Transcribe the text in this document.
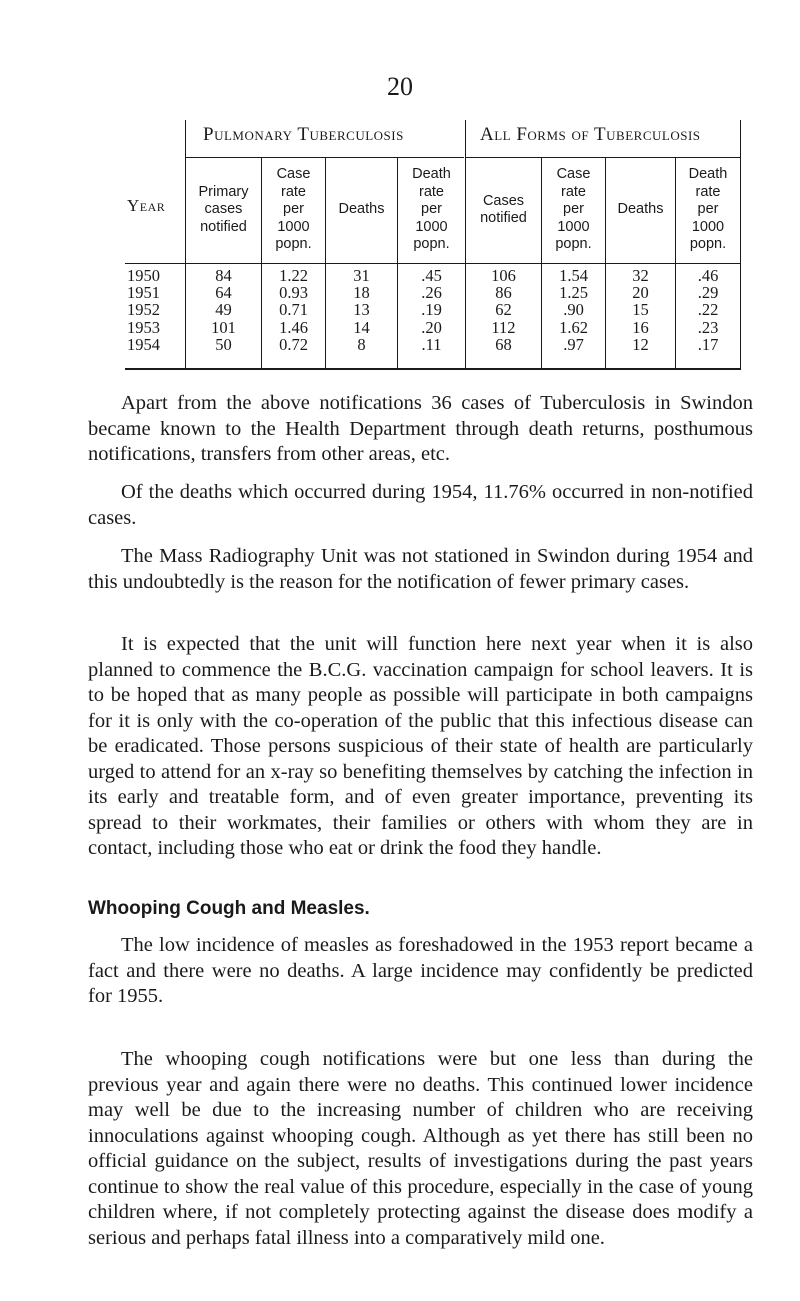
20
Pulmonary Tuberculosis	All Forms of Tuberculosis
Year
Primary
cases
notified
Case
rate
per
1000
popn.
Deaths
Death
rate
per
1000
popn.
Cases
notified
Case
rate
per
1000
popn.
Deaths
Death
rate
per
1000
popn.
1950
1951
1952
1953
1954
84
64
49
101
50
1.22
0.93
0.71
1.46
0.72
31
18
13
14
8
.45
.26
.19
.20
.11
106
86
62
112
68
1.54
1.25
.90
1.62
.97
32
20
15
16
12
.46
.29
.22
.23
.17

Apart from the above notifications 36 cases of Tuberculosis in Swindon became known to the Health Department through death returns, posthumous notifications, transfers from other areas, etc.

Of the deaths which occurred during 1954, 11.76% occurred in non-notified cases.

The Mass Radiography Unit was not stationed in Swindon during 1954 and this undoubtedly is the reason for the notification of fewer primary cases.

It is expected that the unit will function here next year when it is also planned to commence the B.C.G. vaccination campaign for school leavers. It is to be hoped that as many people as possible will participate in both campaigns for it is only with the co-operation of the public that this infectious disease can be eradicated. Those persons suspicious of their state of health are particularly urged to attend for an x-ray so benefiting themselves by catching the infection in its early and treatable form, and of even greater importance, preventing its spread to their workmates, their families or others with whom they are in contact, including those who eat or drink the food they handle.

Whooping Cough and Measles.

The low incidence of measles as foreshadowed in the 1953 report became a fact and there were no deaths. A large incidence may confidently be predicted for 1955.

The whooping cough notifications were but one less than during the previous year and again there were no deaths. This continued lower incidence may well be due to the increasing number of children who are receiving innoculations against whooping cough. Although as yet there has still been no official guidance on the subject, results of investigations during the past years continue to show the real value of this procedure, especially in the case of young children where, if not completely protecting against the disease does modify a serious and perhaps fatal illness into a comparatively mild one.
